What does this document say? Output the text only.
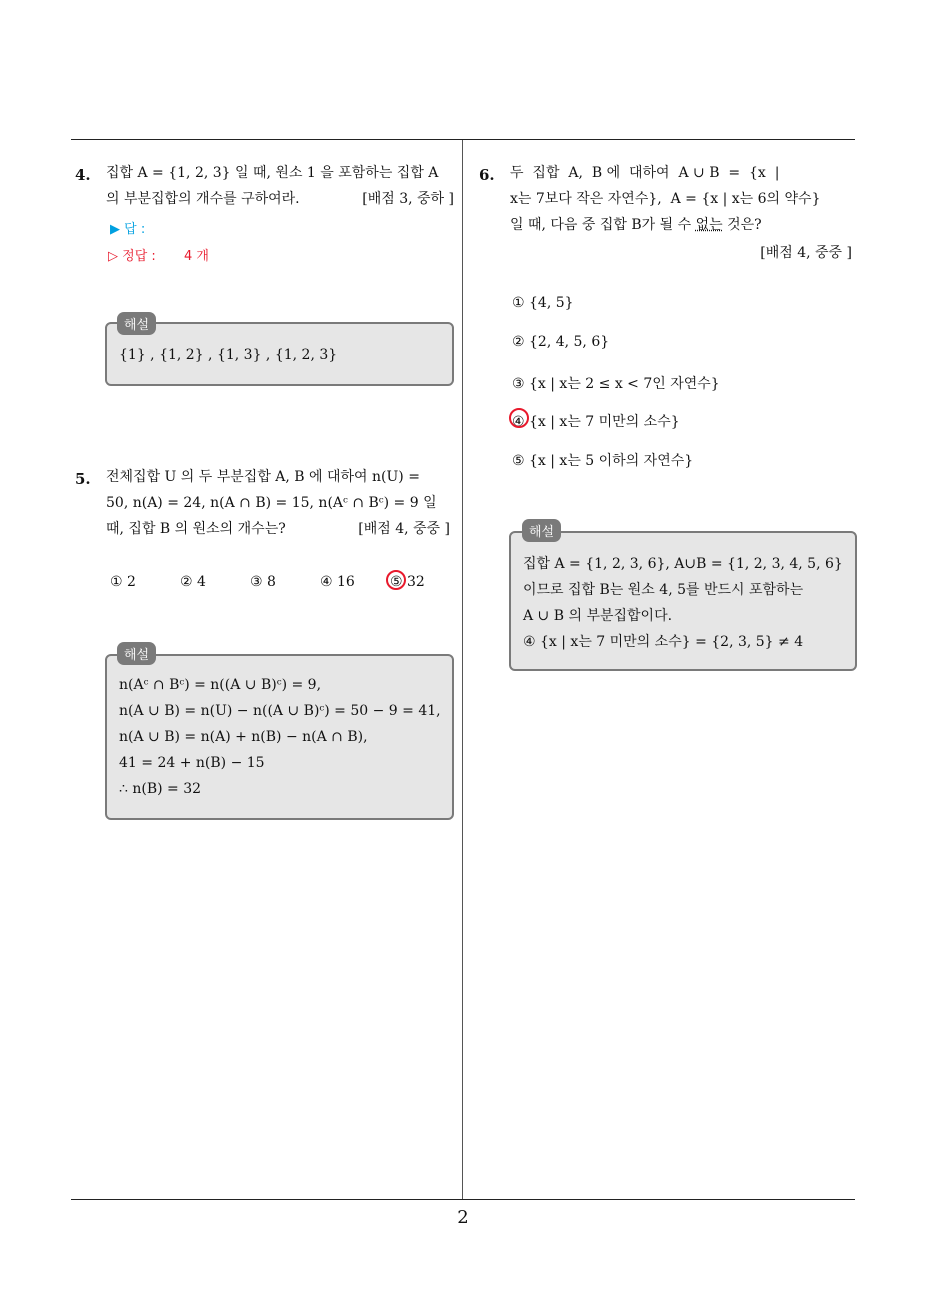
4. 집합 A = {1, 2, 3} 일 때, 원소 1 을 포함하는 집합 A
의 부분집합의 개수를 구하여라.	[배점 3, 중하 ]
▶ 답 :
▷ 정답 : 4 개
{1} , {1, 2} , {1, 3} , {1, 2, 3}
해설
5. 전체집합 U 의 두 부분집합 A, B 에 대하여 n(U) =
50, n(A) = 24, n(A ∩ B) = 15, n(Aᶜ ∩ Bᶜ) = 9 일
때, 집합 B 의 원소의 개수는?	[배점 4, 중중 ]
① 2	② 4	③ 8	④ 16	⑤ 32
n(Aᶜ ∩ Bᶜ) = n((A ∪ B)ᶜ) = 9,
n(A ∪ B) = n(U) − n((A ∪ B)ᶜ) = 50 − 9 = 41,
n(A ∪ B) = n(A) + n(B) − n(A ∩ B),
41 = 24 + n(B) − 15
∴ n(B) = 32
해설
6. 두  집합  A,  B 에  대하여  A ∪ B  =  {x  |
x는 7보다 작은 자연수},  A = {x | x는 6의 약수}
일 때, 다음 중 집합 B가 될 수 없는 것은?
[배점 4, 중중 ]
① {4, 5}
② {2, 4, 5, 6}
③ {x | x는 2 ≤ x < 7인 자연수}
④ {x | x는 7 미만의 소수}
⑤ {x | x는 5 이하의 자연수}
집합 A = {1, 2, 3, 6}, A∪B = {1, 2, 3, 4, 5, 6}
이므로 집합 B는 원소 4, 5를 반드시 포함하는
A ∪ B 의 부분집합이다.
④ {x | x는 7 미만의 소수} = {2, 3, 5} ≠ 4
해설
2
